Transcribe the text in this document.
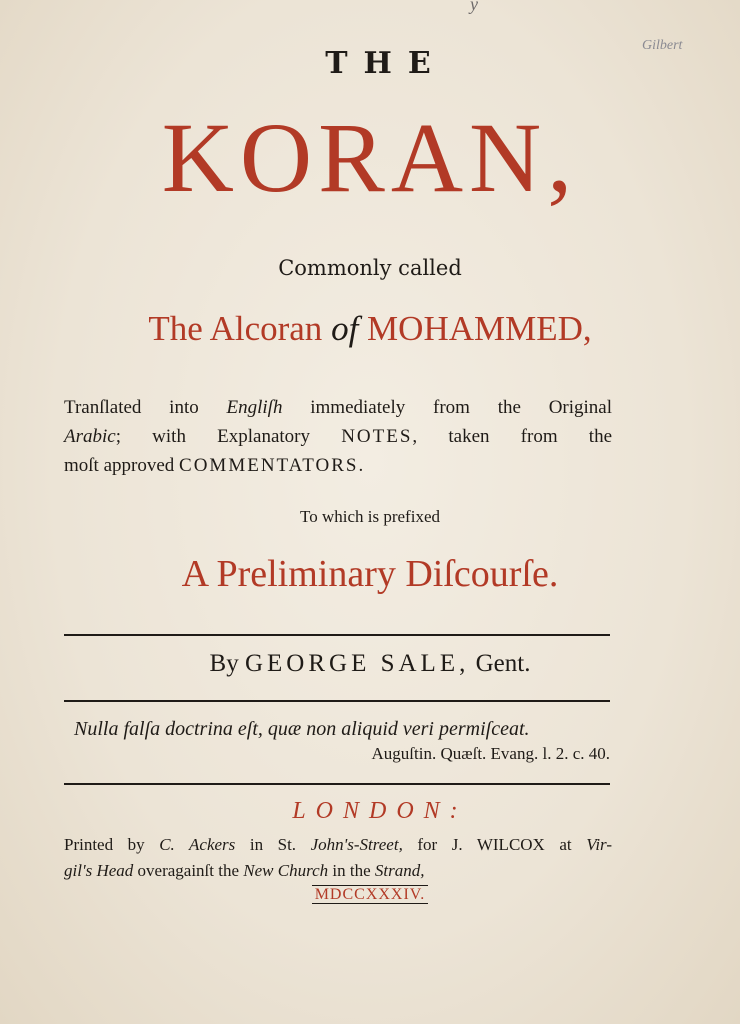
y
Gilbert
THE
KORAN,
Commonly called
The Alcoran of MOHAMMED,
Tranſlated into Engliſh immediately from the Original
Arabic; with Explanatory NOTES, taken from the
moſt approved COMMENTATORS.
To which is prefixed
A Preliminary Diſcourſe.
By GEORGE SALE, Gent.
Nulla falſa doctrina eſt, quæ non aliquid veri permiſceat.
Auguſtin. Quæſt. Evang. l. 2. c. 40.
LONDON:
Printed by C. Ackers in St. John's-Street, for J. WILCOX at Vir-
gil's Head overagainſt the New Church in the Strand,
MDCCXXXIV.
